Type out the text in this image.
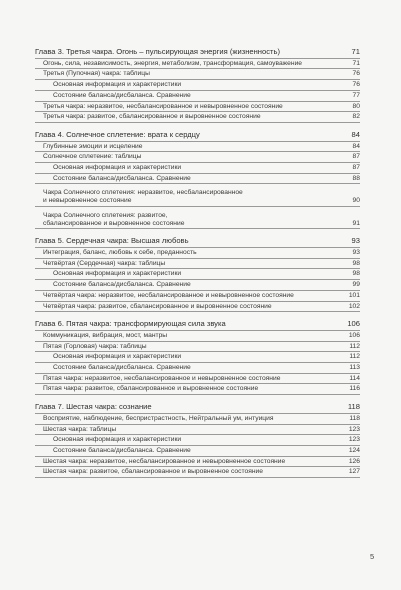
Глава 3. Третья чакра. Огонь – пульсирующая энергия (жизненность)	71
Огонь, сила, независимость, энергия, метаболизм, трансформация, самоуважение	71
Третья (Пупочная) чакра: таблицы	76
Основная информация и характеристики	76
Состояние баланса/дисбаланса. Сравнение	77
Третья чакра: неразвитое, несбалансированное и невыровненное состояние	80
Третья чакра: развитое, сбалансированное и выровненное состояние	82
Глава 4. Солнечное сплетение: врата к сердцу	84
Глубинные эмоции и исцеление	84
Солнечное сплетение: таблицы	87
Основная информация и характеристики	87
Состояние баланса/дисбаланса. Сравнение	88
Чакра Солнечного сплетения: неразвитое, несбалансированное
и невыровненное состояние	90
Чакра Солнечного сплетения: развитое,
сбалансированное и выровненное состояние	91
Глава 5. Сердечная чакра: Высшая любовь	93
Интеграция, баланс, любовь к себе, преданность	93
Четвёртая (Сердечная) чакра: таблицы	98
Основная информация и характеристики	98
Состояние баланса/дисбаланса. Сравнение	99
Четвёртая чакра: неразвитое, несбалансированное и невыровненное состояние	101
Четвёртая чакра: развитое, сбалансированное и выровненное состояние	102
Глава 6. Пятая чакра: трансформирующая сила звука	106
Коммуникация, вибрация, мост, мантры	106
Пятая (Горловая) чакра: таблицы	112
Основная информация и характеристики	112
Состояние баланса/дисбаланса. Сравнение	113
Пятая чакра: неразвитое, несбалансированное и невыровненное состояние	114
Пятая чакра: развитое, сбалансированное и выровненное состояние	116
Глава 7. Шестая чакра: сознание	118
Восприятие, наблюдение, беспристрастность, Нейтральный ум, интуиция	118
Шестая чакра: таблицы	123
Основная информация и характеристики	123
Состояние баланса/дисбаланса. Сравнение	124
Шестая чакра: неразвитое, несбалансированное и невыровненное состояние	126
Шестая чакра: развитое, сбалансированное и выровненное состояние	127
5
